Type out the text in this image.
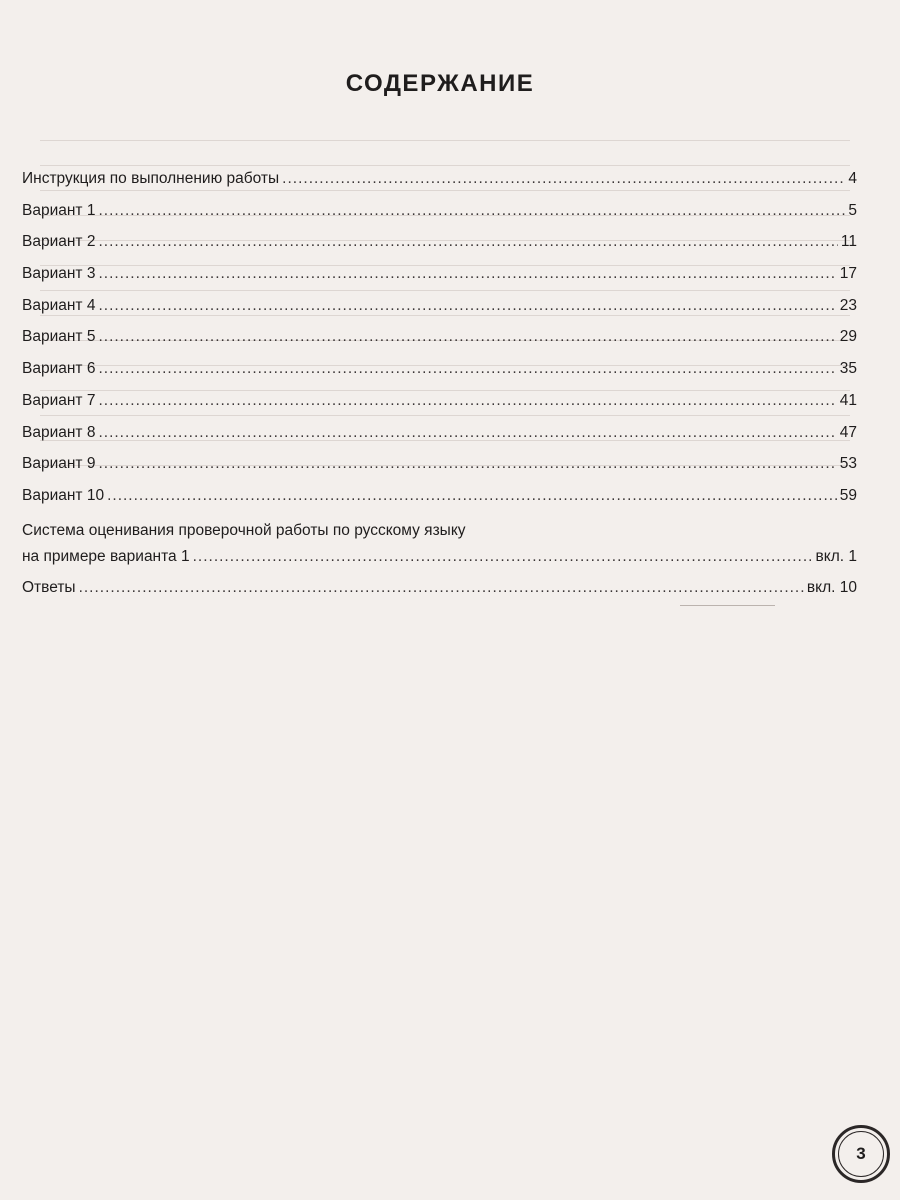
СОДЕРЖАНИЕ
Инструкция по выполнению работы .....	4
Вариант 1 .....	5
Вариант 2 .....	11
Вариант 3 .....	17
Вариант 4 .....	23
Вариант 5 .....	29
Вариант 6 .....	35
Вариант 7 .....	41
Вариант 8 .....	47
Вариант 9 .....	53
Вариант 10 .....	59
Система оценивания проверочной работы по русскому языку
на примере варианта 1 .....	вкл. 1
Ответы .....	вкл. 10
3
